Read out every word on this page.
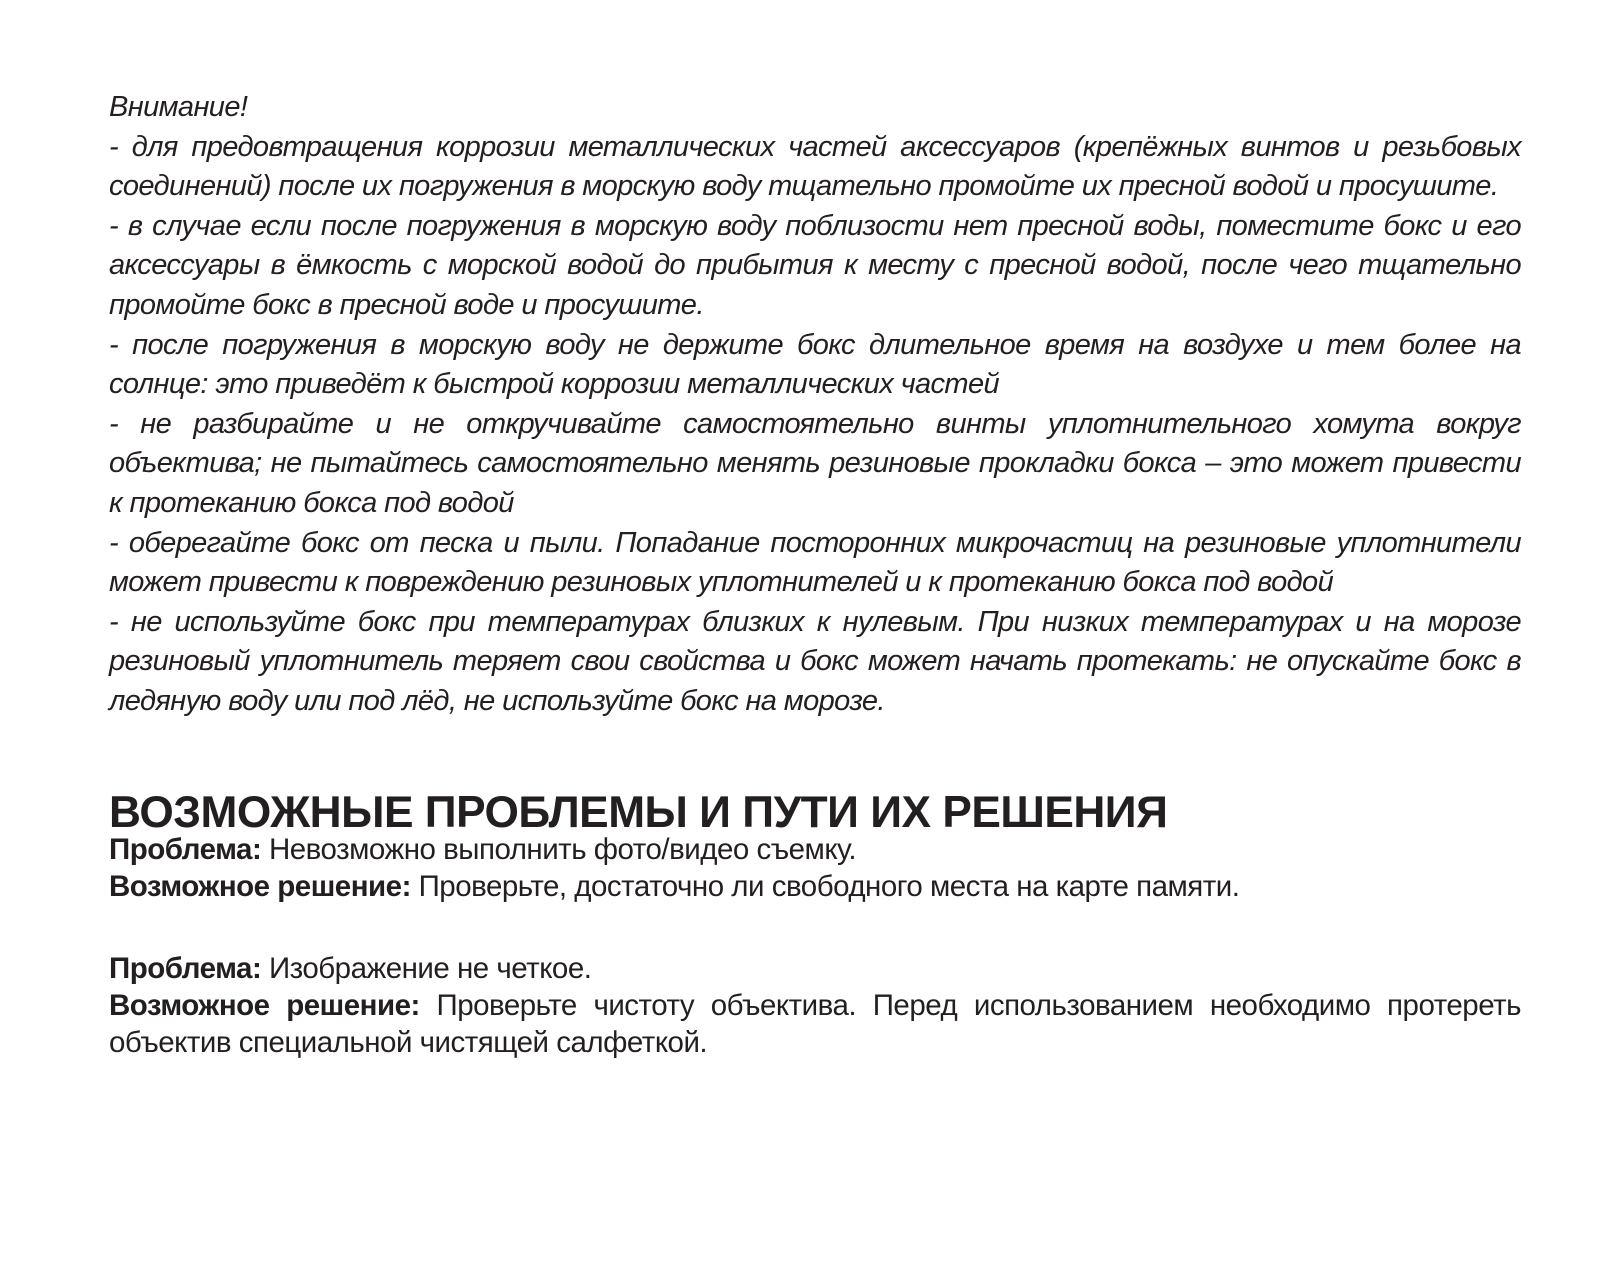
Внимание!

- для предовтращения коррозии металлических частей аксессуаров (крепёжных винтов и резьбовых соединений) после их погружения в морскую воду тщательно промойте их пресной водой и просушите.

- в случае если после погружения в морскую воду поблизости нет пресной воды, поместите бокс и его аксессуары в ёмкость с морской водой до прибытия к месту с пресной водой, после чего тщательно промойте бокс в пресной воде и просушите.

- после погружения в морскую воду не держите бокс длительное время на воздухе и тем более на солнце: это приведёт к быстрой коррозии металлических частей

- не разбирайте и не откручивайте самостоятельно винты уплотнительного хомута вокруг объектива; не пытайтесь самостоятельно менять резиновые прокладки бокса – это может привести к протеканию бокса под водой

- оберегайте бокс от песка и пыли. Попадание посторонних микрочастиц на резиновые уплотнители может привести к повреждению резиновых уплотнителей и к протеканию бокса под водой

- не используйте бокс при температурах близких к нулевым. При низких температурах и на морозе резиновый уплотнитель теряет свои свойства и бокс может начать протекать: не опускайте бокс в ледяную воду или под лёд, не используйте бокс на морозе.

ВОЗМОЖНЫЕ ПРОБЛЕМЫ И ПУТИ ИХ РЕШЕНИЯ

Проблема: Невозможно выполнить фото/видео съемку.

Возможное решение: Проверьте, достаточно ли свободного места на карте памяти.

Проблема: Изображение не четкое.

Возможное решение: Проверьте чистоту объектива. Перед использованием необходимо протереть объектив специальной чистящей салфеткой.
